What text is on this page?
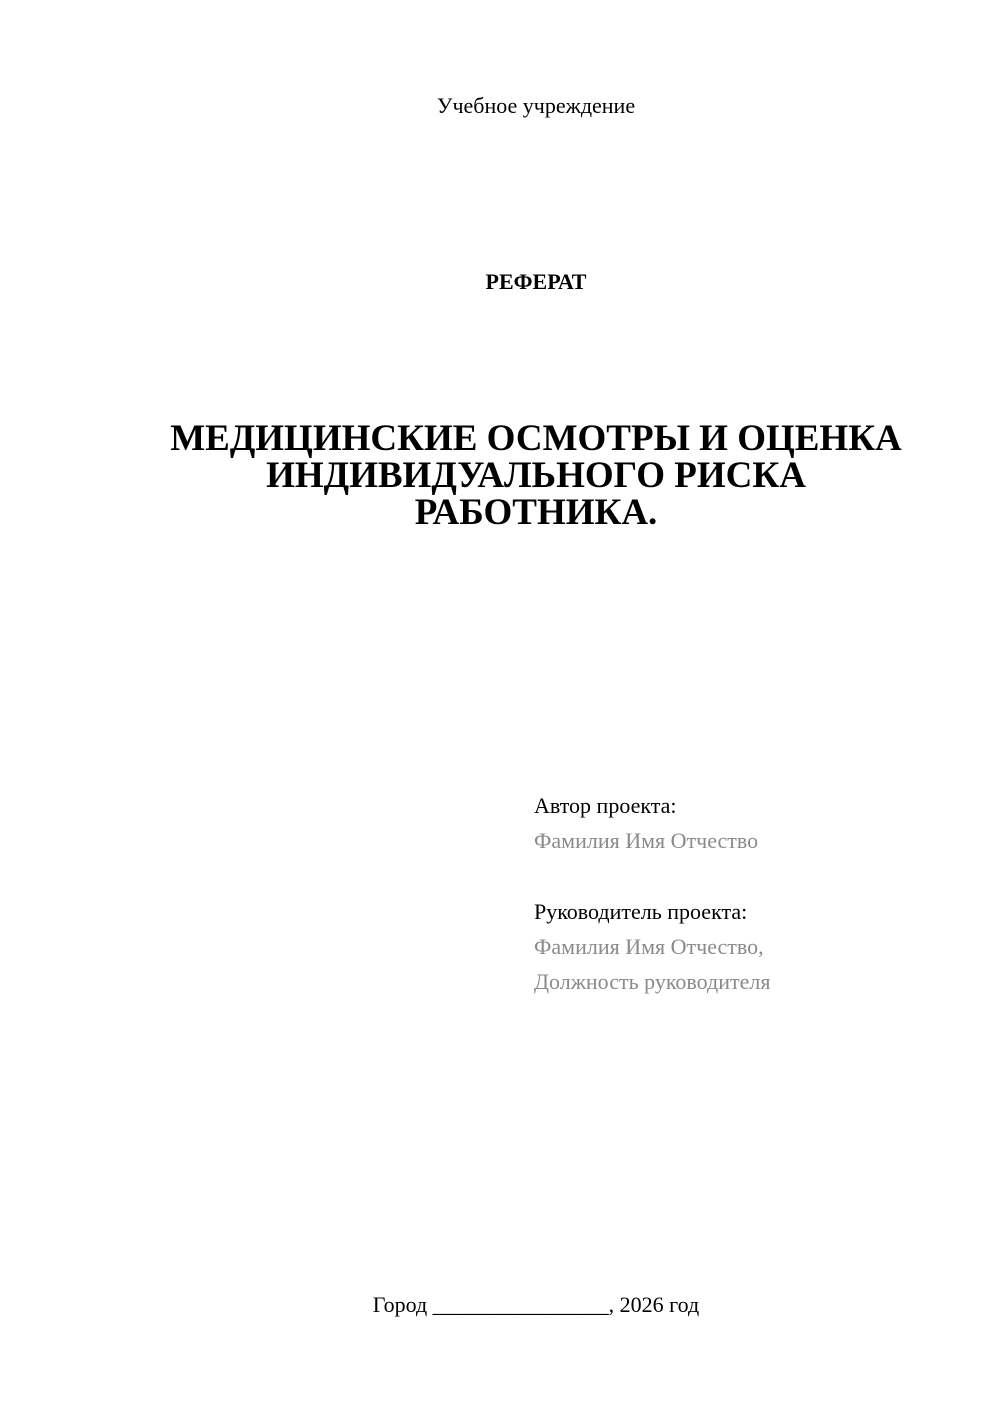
Учебное учреждение
РЕФЕРАТ
МЕДИЦИНСКИЕ ОСМОТРЫ И ОЦЕНКА
ИНДИВИДУАЛЬНОГО РИСКА
РАБОТНИКА.
Автор проекта:
Фамилия Имя Отчество
Руководитель проекта:
Фамилия Имя Отчество,
Должность руководителя
Город ________________, 2026 год
